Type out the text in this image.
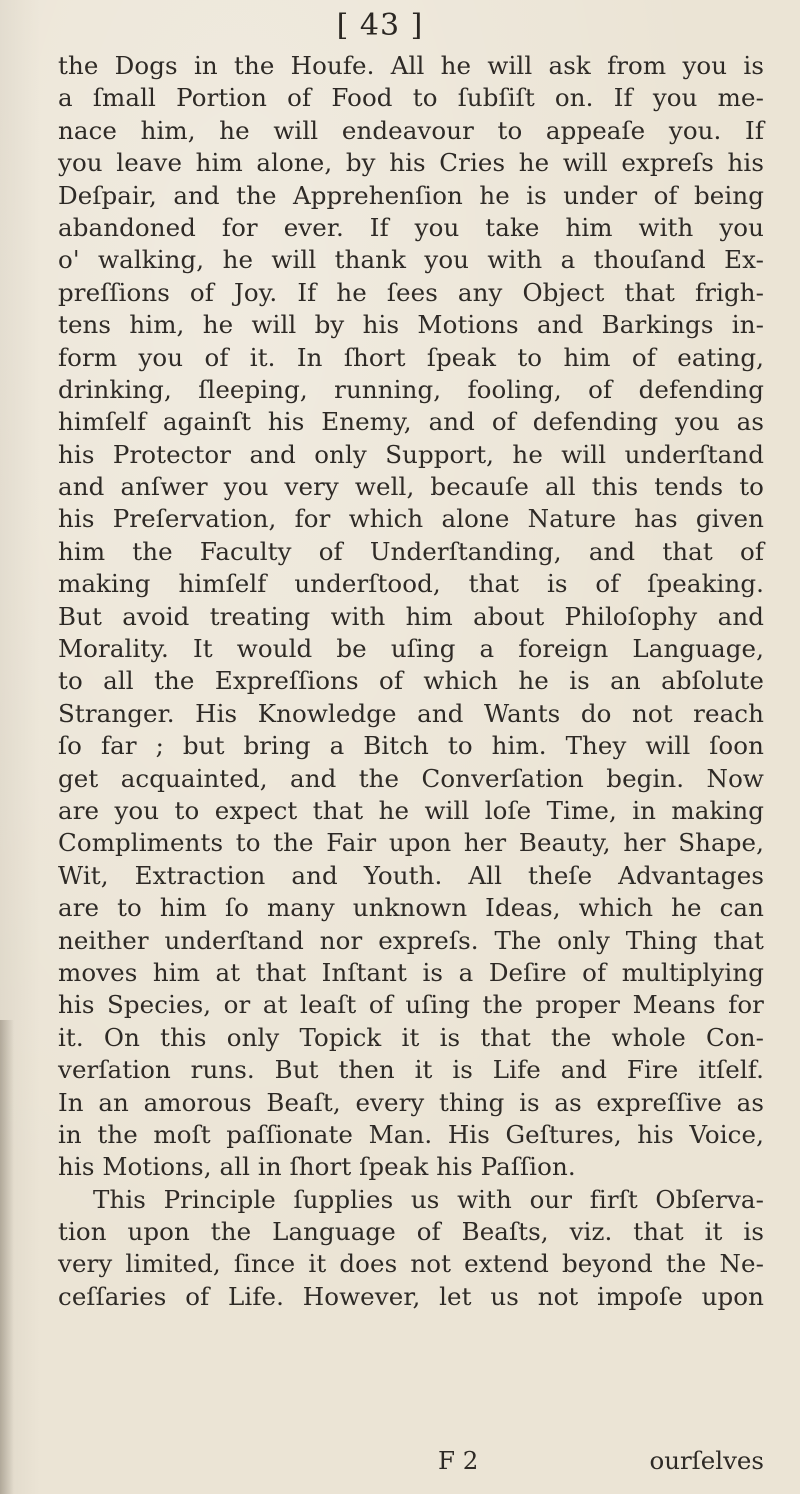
[ 43 ]
the Dogs in the Houfe. All he will ask from you is
a ſmall Portion of Food to ſubſiſt on. If you me-
nace him, he will endeavour to appeaſe you. If
you leave him alone, by his Cries he will expreſs his
Deſpair, and the Apprehenſion he is under of being
abandoned for ever. If you take him with you
o' walking, he will thank you with a thouſand Ex-
preſſions of Joy. If he ſees any Object that frigh-
tens him, he will by his Motions and Barkings in-
form you of it. In ſhort ſpeak to him of eating,
drinking, ſleeping, running, fooling, of defending
himſelf againſt his Enemy, and of defending you as
his Protector and only Support, he will underſtand
and anſwer you very well, becauſe all this tends to
his Preſervation, for which alone Nature has given
him the Faculty of Underſtanding, and that of
making himſelf underſtood, that is of ſpeaking.
But avoid treating with him about Philoſophy and
Morality. It would be uſing a foreign Language,
to all the Expreſſions of which he is an abſolute
Stranger. His Knowledge and Wants do not reach
ſo far ; but bring a Bitch to him. They will ſoon
get acquainted, and the Converſation begin. Now
are you to expect that he will loſe Time, in making
Compliments to the Fair upon her Beauty, her Shape,
Wit, Extraction and Youth. All theſe Advantages
are to him ſo many unknown Ideas, which he can
neither underſtand nor expreſs. The only Thing that
moves him at that Inſtant is a Deſire of multiplying
his Species, or at leaſt of uſing the proper Means for
it. On this only Topick it is that the whole Con-
verſation runs. But then it is Life and Fire itſelf.
In an amorous Beaſt, every thing is as expreſſive as
in the moſt paſſionate Man. His Geſtures, his Voice,
his Motions, all in ſhort ſpeak his Paſſion.
This Principle ſupplies us with our firſt Obſerva-
tion upon the Language of Beaſts, viz. that it is
very limited, ſince it does not extend beyond the Ne-
ceſſaries of Life. However, let us not impoſe upon
F 2	ourſelves
